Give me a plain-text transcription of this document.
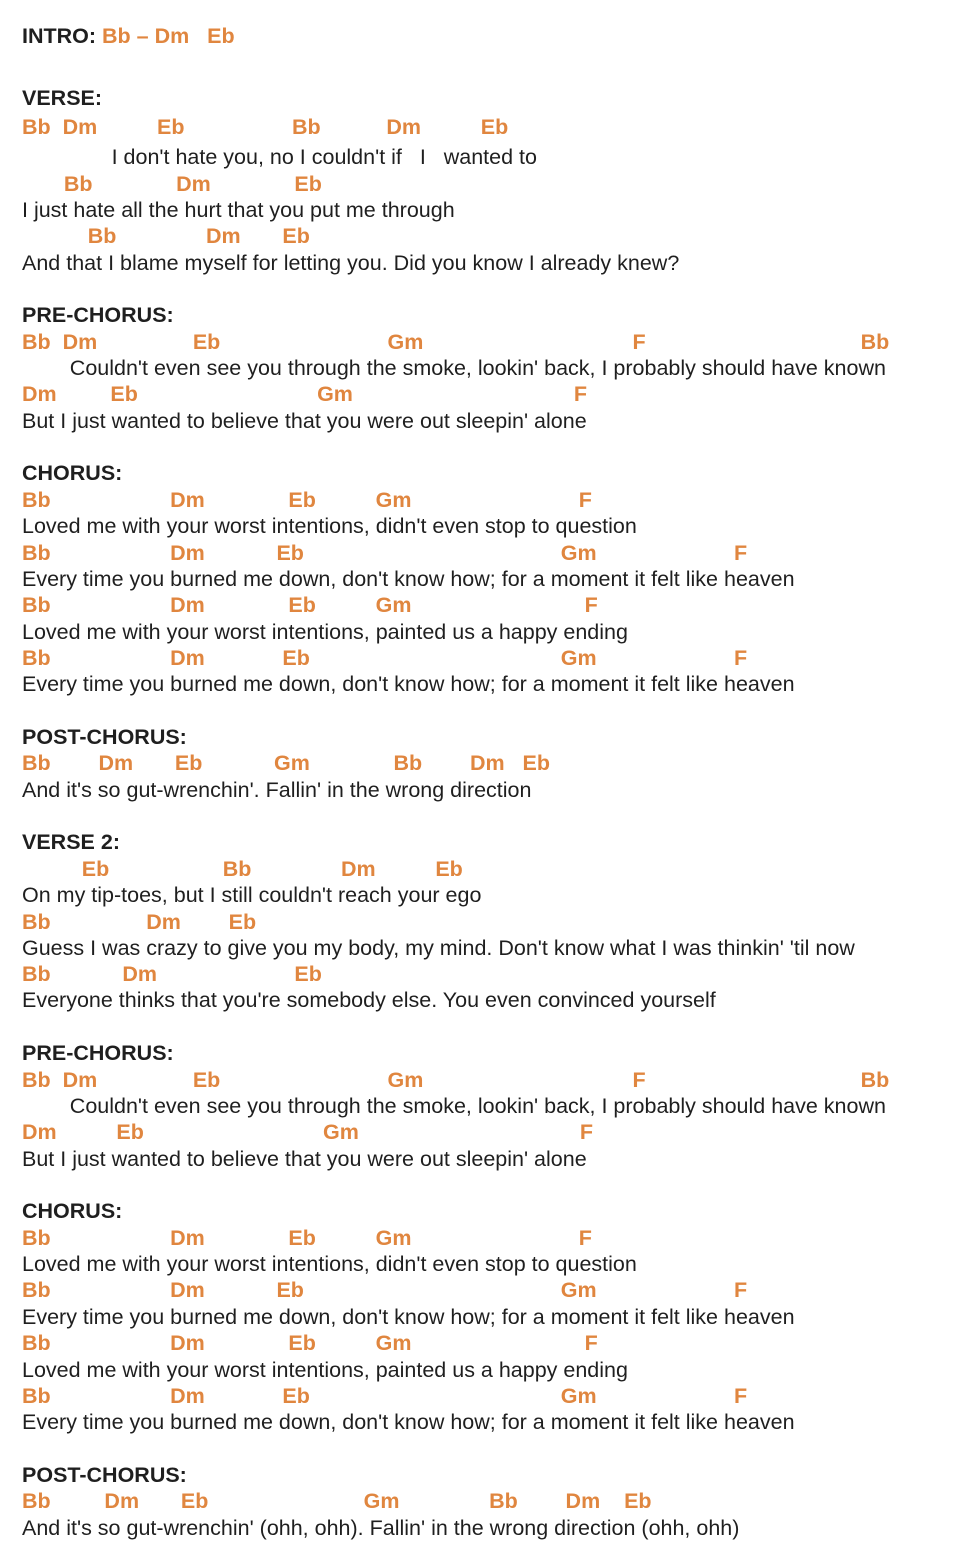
INTRO: Bb – Dm   Eb
VERSE:
Bb  Dm          Eb                  Bb           Dm          Eb
I don't hate you, no I couldn't if   I   wanted to
Bb              Dm              Eb
I just hate all the hurt that you put me through
Bb               Dm       Eb
And that I blame myself for letting you. Did you know I already knew?
PRE-CHORUS:
Bb  Dm                Eb                            Gm                                   F                                    Bb
Couldn't even see you through the smoke, lookin' back, I probably should have known
Dm         Eb                              Gm                                     F
But I just wanted to believe that you were out sleepin' alone
CHORUS:
Bb                    Dm              Eb          Gm                            F
Loved me with your worst intentions, didn't even stop to question
Bb                    Dm            Eb                                           Gm                       F
Every time you burned me down, don't know how; for a moment it felt like heaven
Bb                    Dm              Eb          Gm                             F
Loved me with your worst intentions, painted us a happy ending
Bb                    Dm             Eb                                          Gm                       F
Every time you burned me down, don't know how; for a moment it felt like heaven
POST-CHORUS:
Bb        Dm       Eb            Gm              Bb        Dm   Eb
And it's so gut-wrenchin'. Fallin' in the wrong direction
VERSE 2:
Eb                   Bb               Dm          Eb
On my tip-toes, but I still couldn't reach your ego
Bb                Dm        Eb
Guess I was crazy to give you my body, my mind. Don't know what I was thinkin' 'til now
Bb            Dm                       Eb
Everyone thinks that you're somebody else. You even convinced yourself
PRE-CHORUS:
Bb  Dm                Eb                            Gm                                   F                                    Bb
Couldn't even see you through the smoke, lookin' back, I probably should have known
Dm          Eb                              Gm                                     F
But I just wanted to believe that you were out sleepin' alone
CHORUS:
Bb                    Dm              Eb          Gm                            F
Loved me with your worst intentions, didn't even stop to question
Bb                    Dm            Eb                                           Gm                       F
Every time you burned me down, don't know how; for a moment it felt like heaven
Bb                    Dm              Eb          Gm                             F
Loved me with your worst intentions, painted us a happy ending
Bb                    Dm             Eb                                          Gm                       F
Every time you burned me down, don't know how; for a moment it felt like heaven
POST-CHORUS:
Bb         Dm       Eb                          Gm               Bb        Dm    Eb
And it's so gut-wrenchin' (ohh, ohh). Fallin' in the wrong direction (ohh, ohh)
